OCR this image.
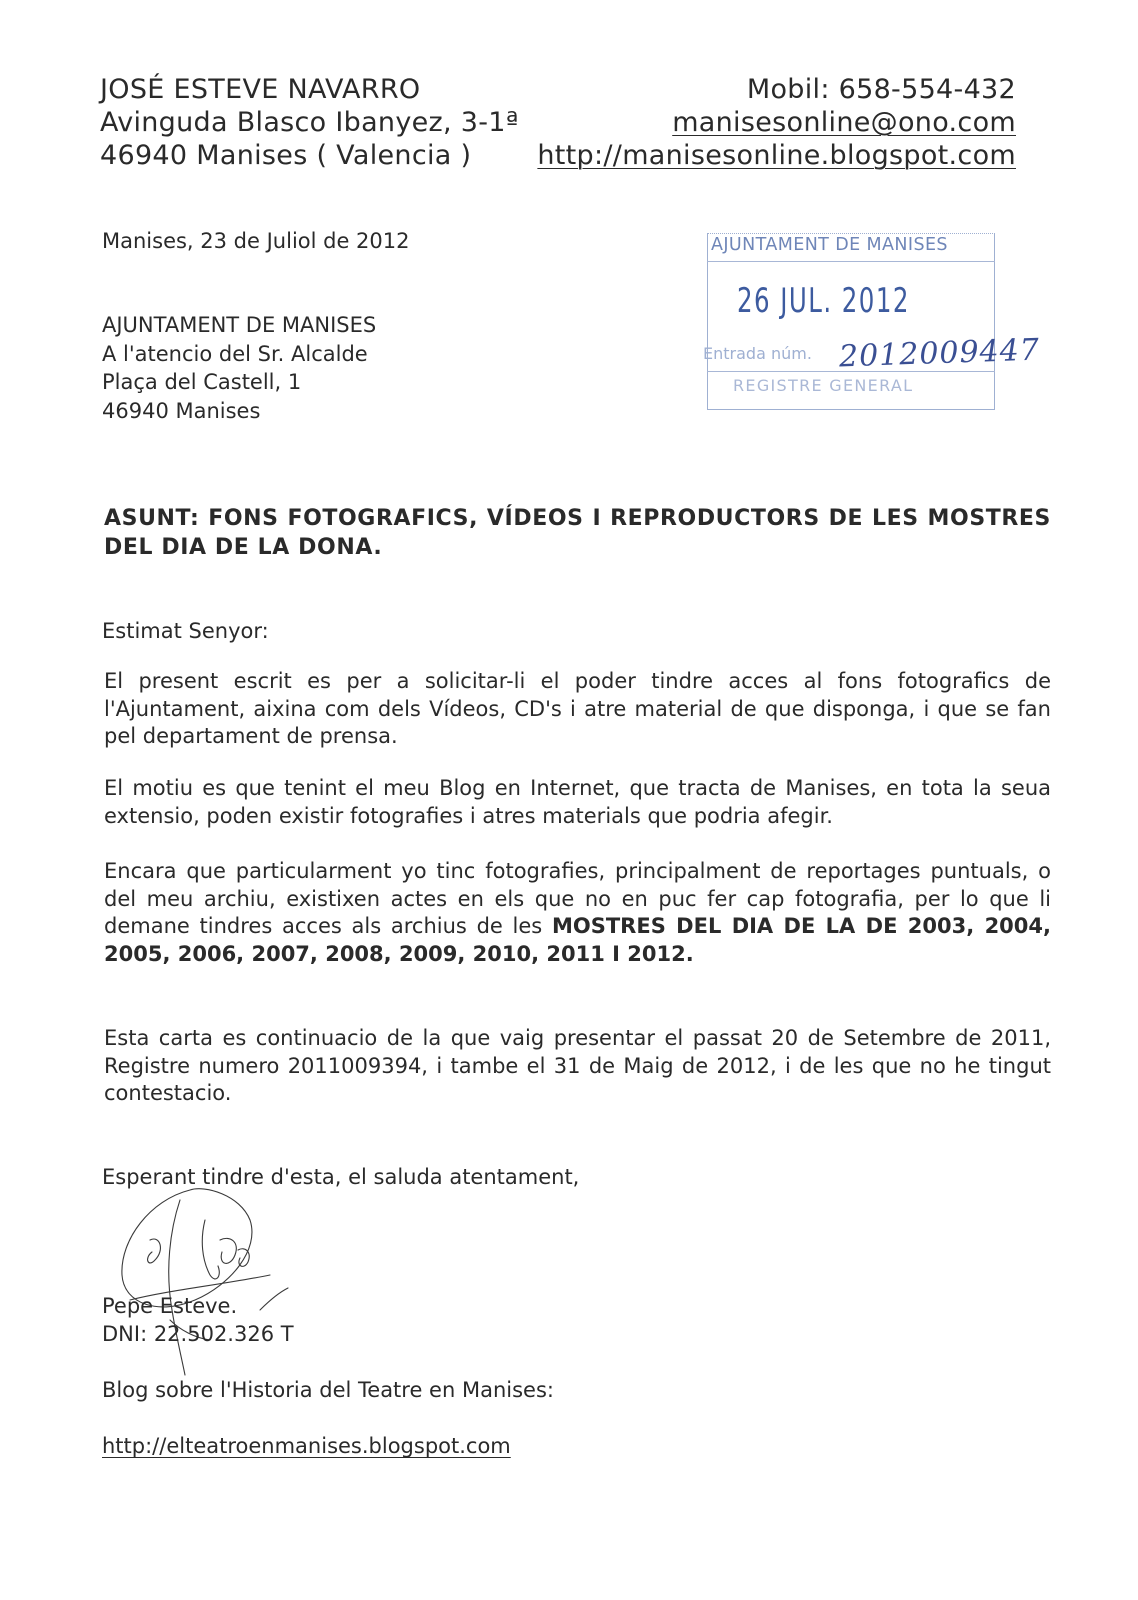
JOSÉ ESTEVE NAVARRO
Avinguda Blasco Ibanyez, 3-1ª
46940 Manises ( Valencia )
Mobil: 658-554-432
manisesonline@ono.com
http://manisesonline.blogspot.com
Manises, 23 de Juliol de 2012	AJUNTAMENT DE MANISES
26 JUL. 2012
Entrada núm. 2012009447
REGISTRE GENERAL
AJUNTAMENT DE MANISES
A l'atencio del Sr. Alcalde
Plaça del Castell, 1
46940 Manises
ASUNT: FONS FOTOGRAFICS, VÍDEOS I REPRODUCTORS DE LES MOSTRES DEL DIA DE LA DONA.
Estimat Senyor:
El present escrit es per a solicitar-li el poder tindre acces al fons fotografics de l'Ajuntament, aixina com dels Vídeos, CD's i atre material de que disponga, i que se fan pel departament de prensa.
El motiu es que tenint el meu Blog en Internet, que tracta de Manises, en tota la seua extensio, poden existir fotografies i atres materials que podria afegir.
Encara que particularment yo tinc fotografies, principalment de reportages puntuals, o del meu archiu, existixen actes en els que no en puc fer cap fotografia, per lo que li demane tindres acces als archius de les MOSTRES DEL DIA DE LA DE 2003, 2004, 2005, 2006, 2007, 2008, 2009, 2010, 2011 I 2012.
Esta carta es continuacio de la que vaig presentar el passat 20 de Setembre de 2011, Registre numero 2011009394, i tambe el 31 de Maig de 2012, i de les que no he tingut contestacio.
Esperant tindre d'esta, el saluda atentament,
Pepe Esteve.
DNI: 22.502.326 T
Blog sobre l'Historia del Teatre en Manises:
http://elteatroenmanises.blogspot.com
